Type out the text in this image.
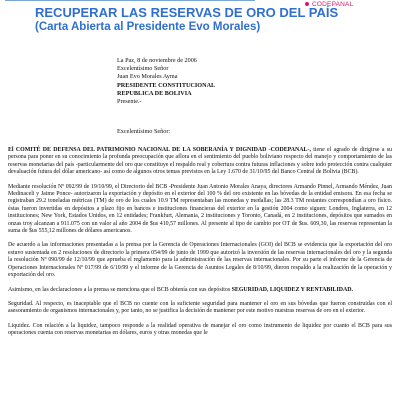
CODEPANAL
RECUPERAR LAS RESERVAS DE ORO DEL PAÍS
(Carta Abierta al Presidente Evo Morales)
La Paz, 8 de noviembre de 2006
Excelentísimo Señor
Juan Evo Morales Ayma
PRESIDENTE CONSTITUCIONAL
REPUBLICA DE BOLIVIA
Presente.-
Excelentísimo Señor:

El COMITÉ DE DEFENSA DEL PATRIMONIO NACIONAL DE LA SOBERANÍA Y DIGNIDAD -CODEPANAL-, tiene el agrado de dirigirse a su persona para poner en su conocimiento la profunda preocupación que aflora en el sentimiento del pueblo boliviano respecto del manejo y comportamiento de las reservas monetarias del país -particularmente del oro que constituye el respaldo real y cobertura contra futuras inflaciones y sobre todo protección contra cualquier devaluación futura del dólar americano- así como de algunos otros temas previstos en la Ley 1.670 de 31/10/95 del Banco Central de Bolivia (BCB).

Mediante resolución Nº 092/99 de 19/10/99, el Directorio del BCB -Presidente Juan Antonio Morales Anaya, directores Armando Pinnel, Armando Méndez, Juan Medinaceli y Jaime Ponce- autorizaron la exportación y depósito en el exterior del 100 % del oro existente en las bóvedas de la entidad emisora. En esa fecha se registraban 29.2 toneladas métricas (TM) de oro de los cuales 10.9 TM representaban las monedas y medallas; las 28.3 TM restantes correspondían a oro físico. éstas fueron invertidas en depósitos a plazo fijo en bancos e instituciones financieras del exterior en la gestión 2004 como siguen: Londres, Inglaterra, en 12 instituciones; New York, Estados Unidos, en 12 entidades; Frankfurt, Alemania, 2 instituciones y Toronto, Canadá, en 2 instituciones, depósitos que sumados en onzas troy alcanzan a 911.075 con un valor al año 2004 de $us 410,57 millones. Al presente al tipo de cambio por OT de $us. 609,30, las reservas representan la suma de $us 555,12 millones de dólares americanos.

De acuerdo a las informaciones presentadas a la prensa por la Gerencia de Operaciones Internacionales (GOI) del BCB se evidencia que la exportación del oro estuvo sustentada en 2 resoluciones de directorio la primera 054/99 de junio de 1999 que autorizó la inversión de las reservas internacionales del oro y la segunda la resolución Nº 090/99 de 12/10/99 que aprueba el reglamento para la administración de las reservas internacionales. Por su parte el informe de la Gerencia de Operaciones Internacionales Nº 017/99 de 6/10/99 y el informe de la Gerencia de Asuntos Legales de 8/10/99, dieron respaldo a la realización de la operación y exportación del oro.

Asimismo, en las declaraciones a la prensa se menciona que el BCB obtenía con sus depósitos SEGURIDAD, LIQUIDEZ Y RENTABILIDAD.

Seguridad. Al respecto, es inaceptable que el BCB no cuente con la suficiente seguridad para mantener el oro en sus bóvedas que fueron construidas con el asesoramiento de organismos internacionales y, por tanto, no se justifica la decisión de mantener por este motivo nuestras reservas de oro en el exterior.

Liquidez. Con relación a la liquidez, tampoco responde a la realidad operativa de manejar el oro como instrumento de liquidez por cuanto el BCB para sus operaciones cuenta con reservas monetarias en dólares, euros y otras monedas que le
